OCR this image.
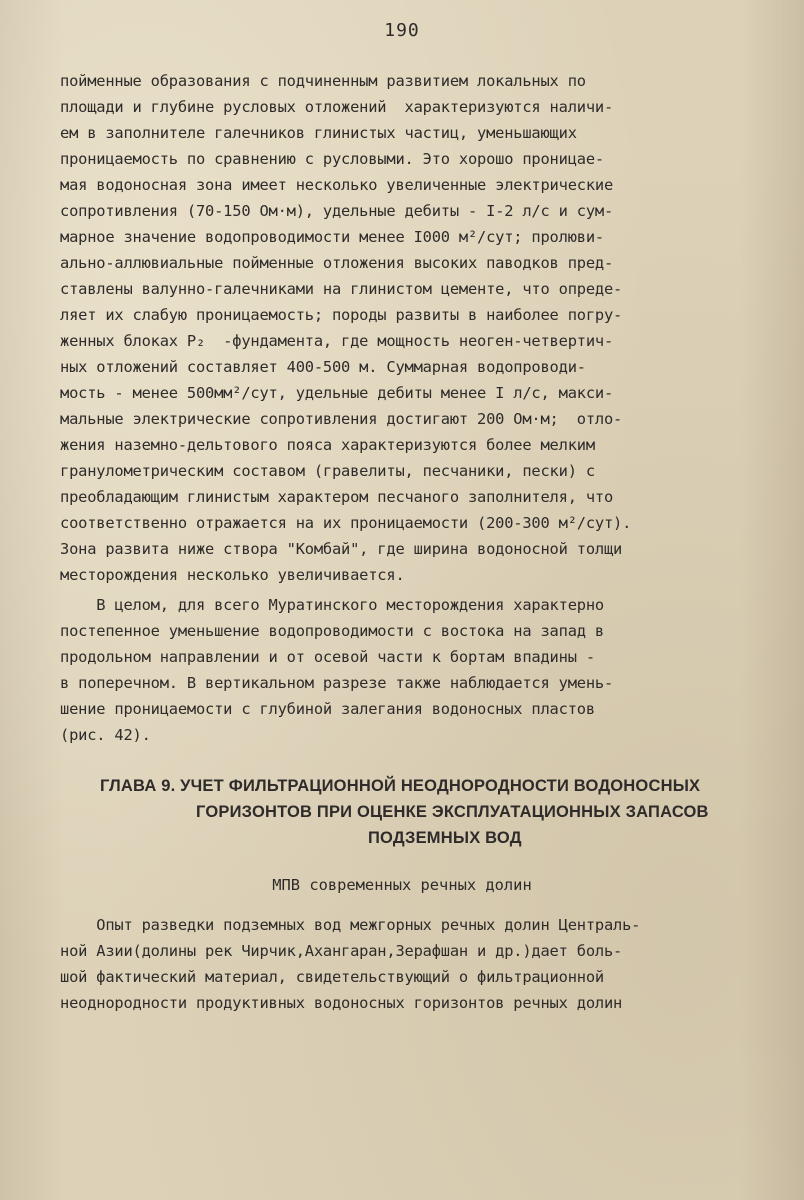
190
пойменные образования с подчиненным развитием локальных по
площади и глубине русловых отложений  характеризуются наличи-
ем в заполнителе галечников глинистых частиц, уменьшающих
проницаемость по сравнению с русловыми. Это хорошо проницае-
мая водоносная зона имеет несколько увеличенные электрические
сопротивления (70-150 Ом·м), удельные дебиты - I-2 л/с и сум-
марное значение водопроводимости менее I000 м²/сут; пролюви-
ально-аллювиальные пойменные отложения высоких паводков пред-
ставлены валунно-галечниками на глинистом цементе, что опреде-
ляет их слабую проницаемость; породы развиты в наиболее погру-
женных блоках P₂  -фундамента, где мощность неоген-четвертич-
ных отложений составляет 400-500 м. Суммарная водопроводи-
мость - менее 500мм²/сут, удельные дебиты менее I л/с, макси-
мальные электрические сопротивления достигают 200 Ом·м;  отло-
жения наземно-дельтового пояса характеризуются более мелким
гранулометрическим составом (гравелиты, песчаники, пески) с
преобладающим глинистым характером песчаного заполнителя, что
соответственно отражается на их проницаемости (200-300 м²/сут).
Зона развита ниже створа "Комбай", где ширина водоносной толщи
месторождения несколько увеличивается.
В целом, для всего Муратинского месторождения характерно
постепенное уменьшение водопроводимости с востока на запад в
продольном направлении и от осевой части к бортам впадины -
в поперечном. В вертикальном разрезе также наблюдается умень-
шение проницаемости с глубиной залегания водоносных пластов
(рис. 42).
ГЛАВА 9. УЧЕТ ФИЛЬТРАЦИОННОЙ НЕОДНОРОДНОСТИ ВОДОНОСНЫХ
ГОРИЗОНТОВ ПРИ ОЦЕНКЕ ЭКСПЛУАТАЦИОННЫХ ЗАПАСОВ
ПОДЗЕМНЫХ ВОД
МПВ современных речных долин
Опыт разведки подземных вод межгорных речных долин Централь-
ной Азии(долины рек Чирчик,Ахангаран,Зерафшан и др.)дает боль-
шой фактический материал, свидетельствующий о фильтрационной
неоднородности продуктивных водоносных горизонтов речных долин
